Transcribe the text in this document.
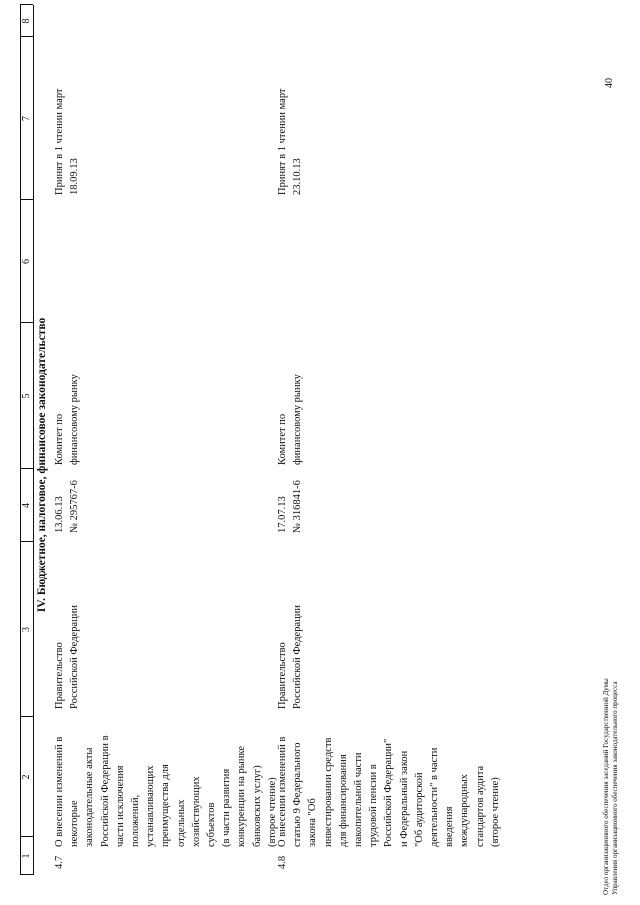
1
2
3
4
5
6
7
8
IV. Бюджетное, налоговое, финансовое законодательство
4.7
О внесении изменений в некоторые законодательные акты Российской Федерации в части исключения положений, устанавливающих преимущества для отдельных хозяйствующих субъектов (в части развития конкуренции на рынке банковских услуг) (второе чтение)
Правительство Российской Федерации
13.06.13 № 295767-6
Комитет по финансовому рынку
Принят в 1 чтении март 18.09.13
4.8
О внесении изменений в статью 9 Федерального закона "Об инвестировании средств для финансирования накопительной части трудовой пенсии в Российской Федерации" и Федеральный закон "Об аудиторской деятельности" в части введения международных стандартов аудита (второе чтение)
Правительство Российской Федерации
17.07.13 № 316841-6
Комитет по финансовому рынку
Принят в 1 чтении март 23.10.13
Отдел организационного обеспечения заседаний Государственной Думы Управления организационного обеспечения законодательного процесса
40
